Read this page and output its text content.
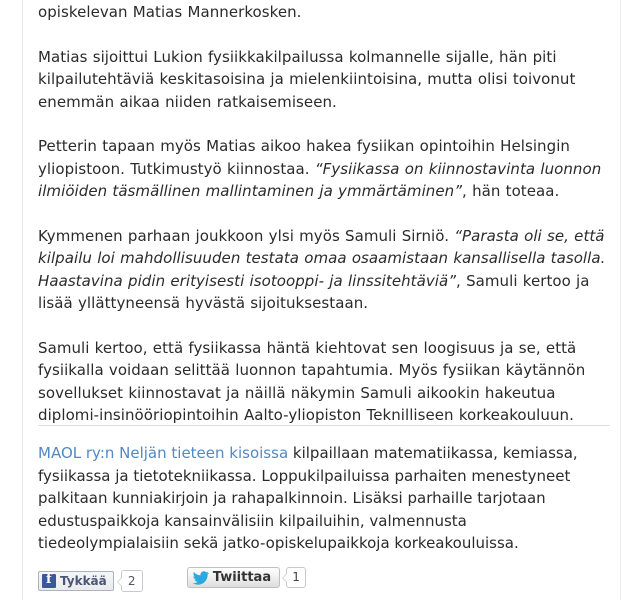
opiskelevan Matias Mannerkosken.

Matias sijoittui Lukion fysiikkakilpailussa kolmannelle sijalle, hän piti kilpailutehtäviä keskitasoisina ja mielenkiintoisina, mutta olisi toivonut enemmän aikaa niiden ratkaisemiseen.

Petterin tapaan myös Matias aikoo hakea fysiikan opintoihin Helsingin yliopistoon. Tutkimustyö kiinnostaa. “Fysiikassa on kiinnostavinta luonnon ilmiöiden täsmällinen mallintaminen ja ymmärtäminen”, hän toteaa.

Kymmenen parhaan joukkoon ylsi myös Samuli Sirniö. “Parasta oli se, että kilpailu loi mahdollisuuden testata omaa osaamistaan kansallisella tasolla. Haastavina pidin erityisesti isotooppi- ja linssitehtäviä”, Samuli kertoo ja lisää yllättyneensä hyvästä sijoituksestaan.

Samuli kertoo, että fysiikassa häntä kiehtovat sen loogisuus ja se, että fysiikalla voidaan selittää luonnon tapahtumia. Myös fysiikan käytännön sovellukset kiinnostavat ja näillä näkymin Samuli aikookin hakeutua diplomi-insinööriopintoihin Aalto-yliopiston Teknilliseen korkeakouluun.

MAOL ry:n Neljän tieteen kisoissa kilpaillaan matematiikassa, kemiassa, fysiikassa ja tietotekniikassa. Loppukilpailuissa parhaiten menestyneet palkitaan kunniakirjoin ja rahapalkinnoin. Lisäksi parhaille tarjotaan edustuspaikkoja kansainvälisiin kilpailuihin, valmennusta tiedeolympialaisiin sekä jatko-opiskelupaikkoja korkeakouluissa.

f
Tykkää	2	Twiittaa	1
